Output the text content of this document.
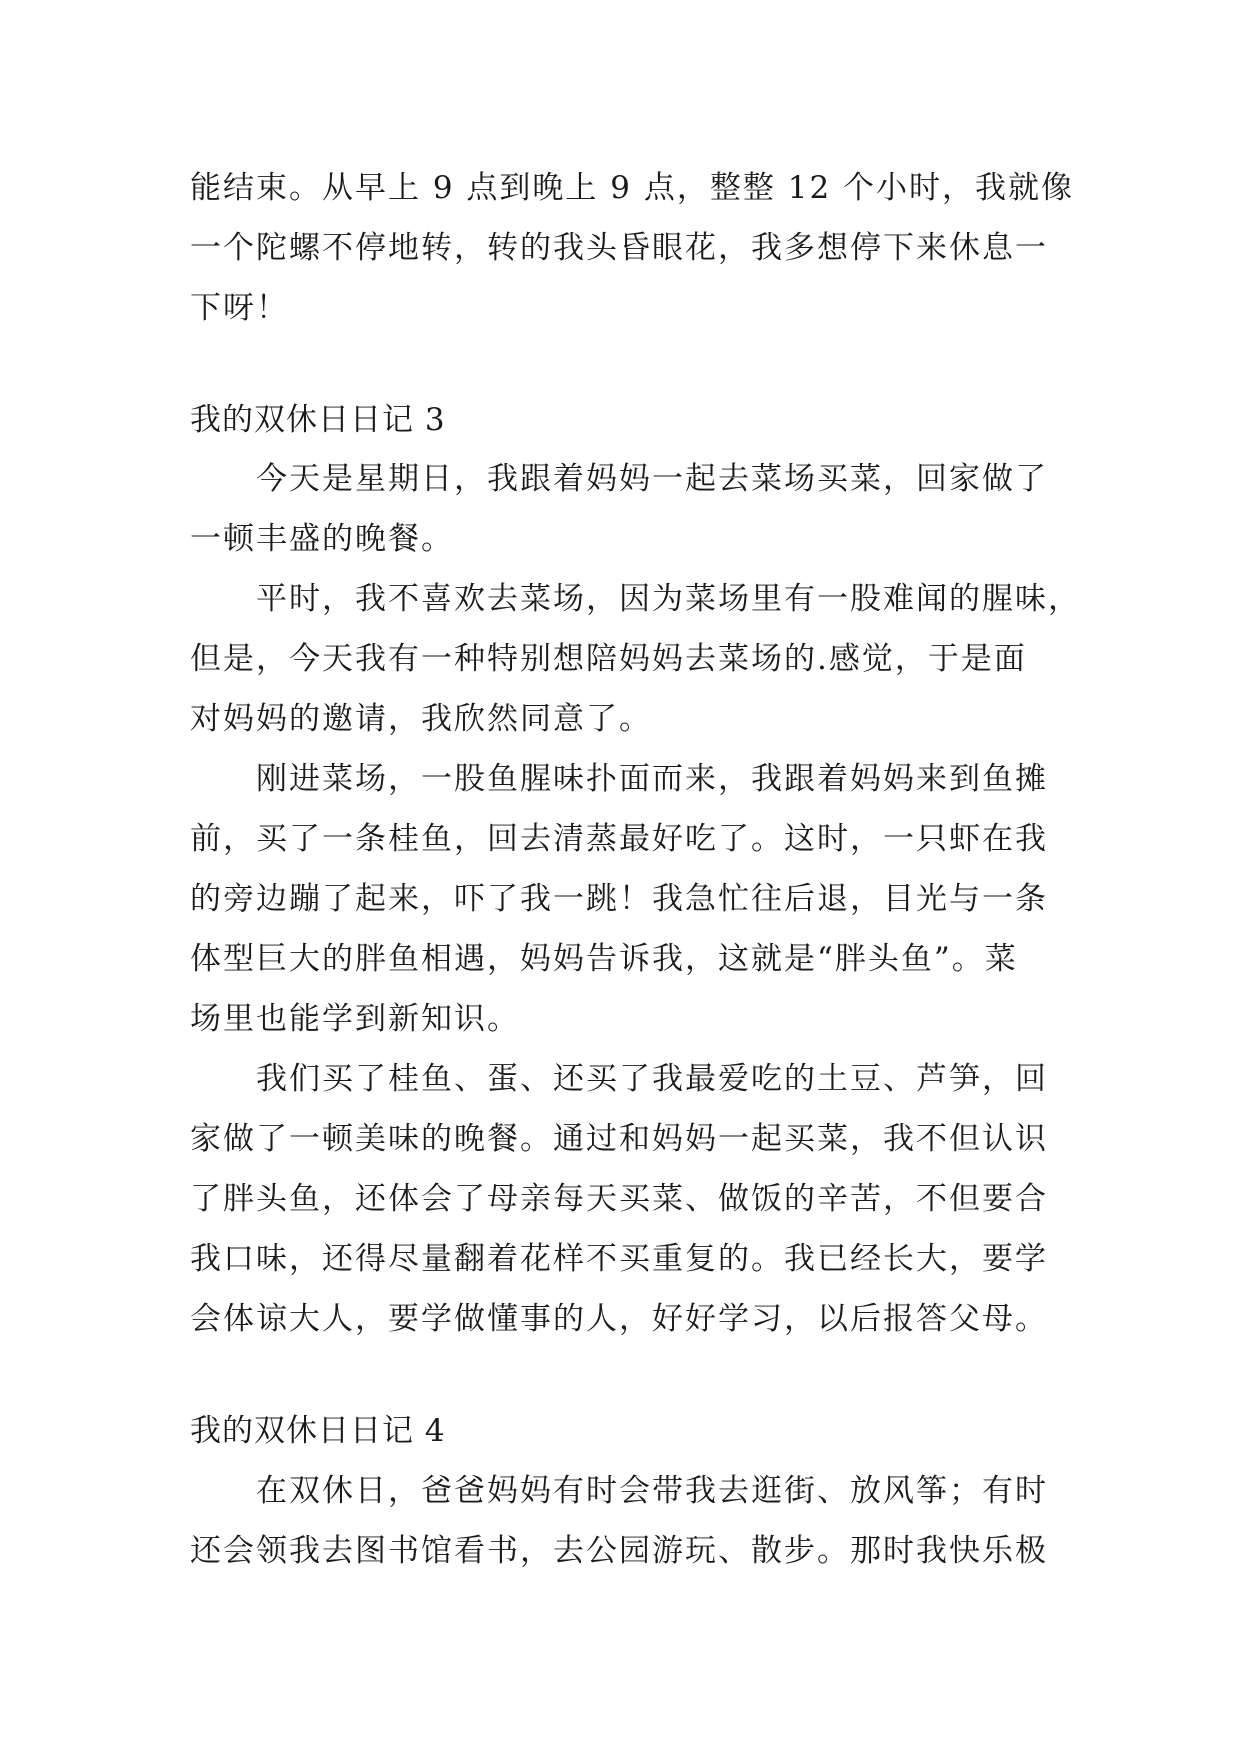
能结束。从早上 9 点到晚上 9 点，整整 12 个小时，我就像
一个陀螺不停地转，转的我头昏眼花，我多想停下来休息一
下呀！
我的双休日日记 3
　　今天是星期日，我跟着妈妈一起去菜场买菜，回家做了
一顿丰盛的晚餐。
　　平时，我不喜欢去菜场，因为菜场里有一股难闻的腥味，
但是，今天我有一种特别想陪妈妈去菜场的.感觉，于是面
对妈妈的邀请，我欣然同意了。
　　刚进菜场，一股鱼腥味扑面而来，我跟着妈妈来到鱼摊
前，买了一条桂鱼，回去清蒸最好吃了。这时，一只虾在我
的旁边蹦了起来，吓了我一跳！我急忙往后退，目光与一条
体型巨大的胖鱼相遇，妈妈告诉我，这就是“胖头鱼”。菜
场里也能学到新知识。
　　我们买了桂鱼、蛋、还买了我最爱吃的土豆、芦笋，回
家做了一顿美味的晚餐。通过和妈妈一起买菜，我不但认识
了胖头鱼，还体会了母亲每天买菜、做饭的辛苦，不但要合
我口味，还得尽量翻着花样不买重复的。我已经长大，要学
会体谅大人，要学做懂事的人，好好学习，以后报答父母。
我的双休日日记 4
　　在双休日，爸爸妈妈有时会带我去逛街、放风筝；有时
还会领我去图书馆看书，去公园游玩、散步。那时我快乐极
